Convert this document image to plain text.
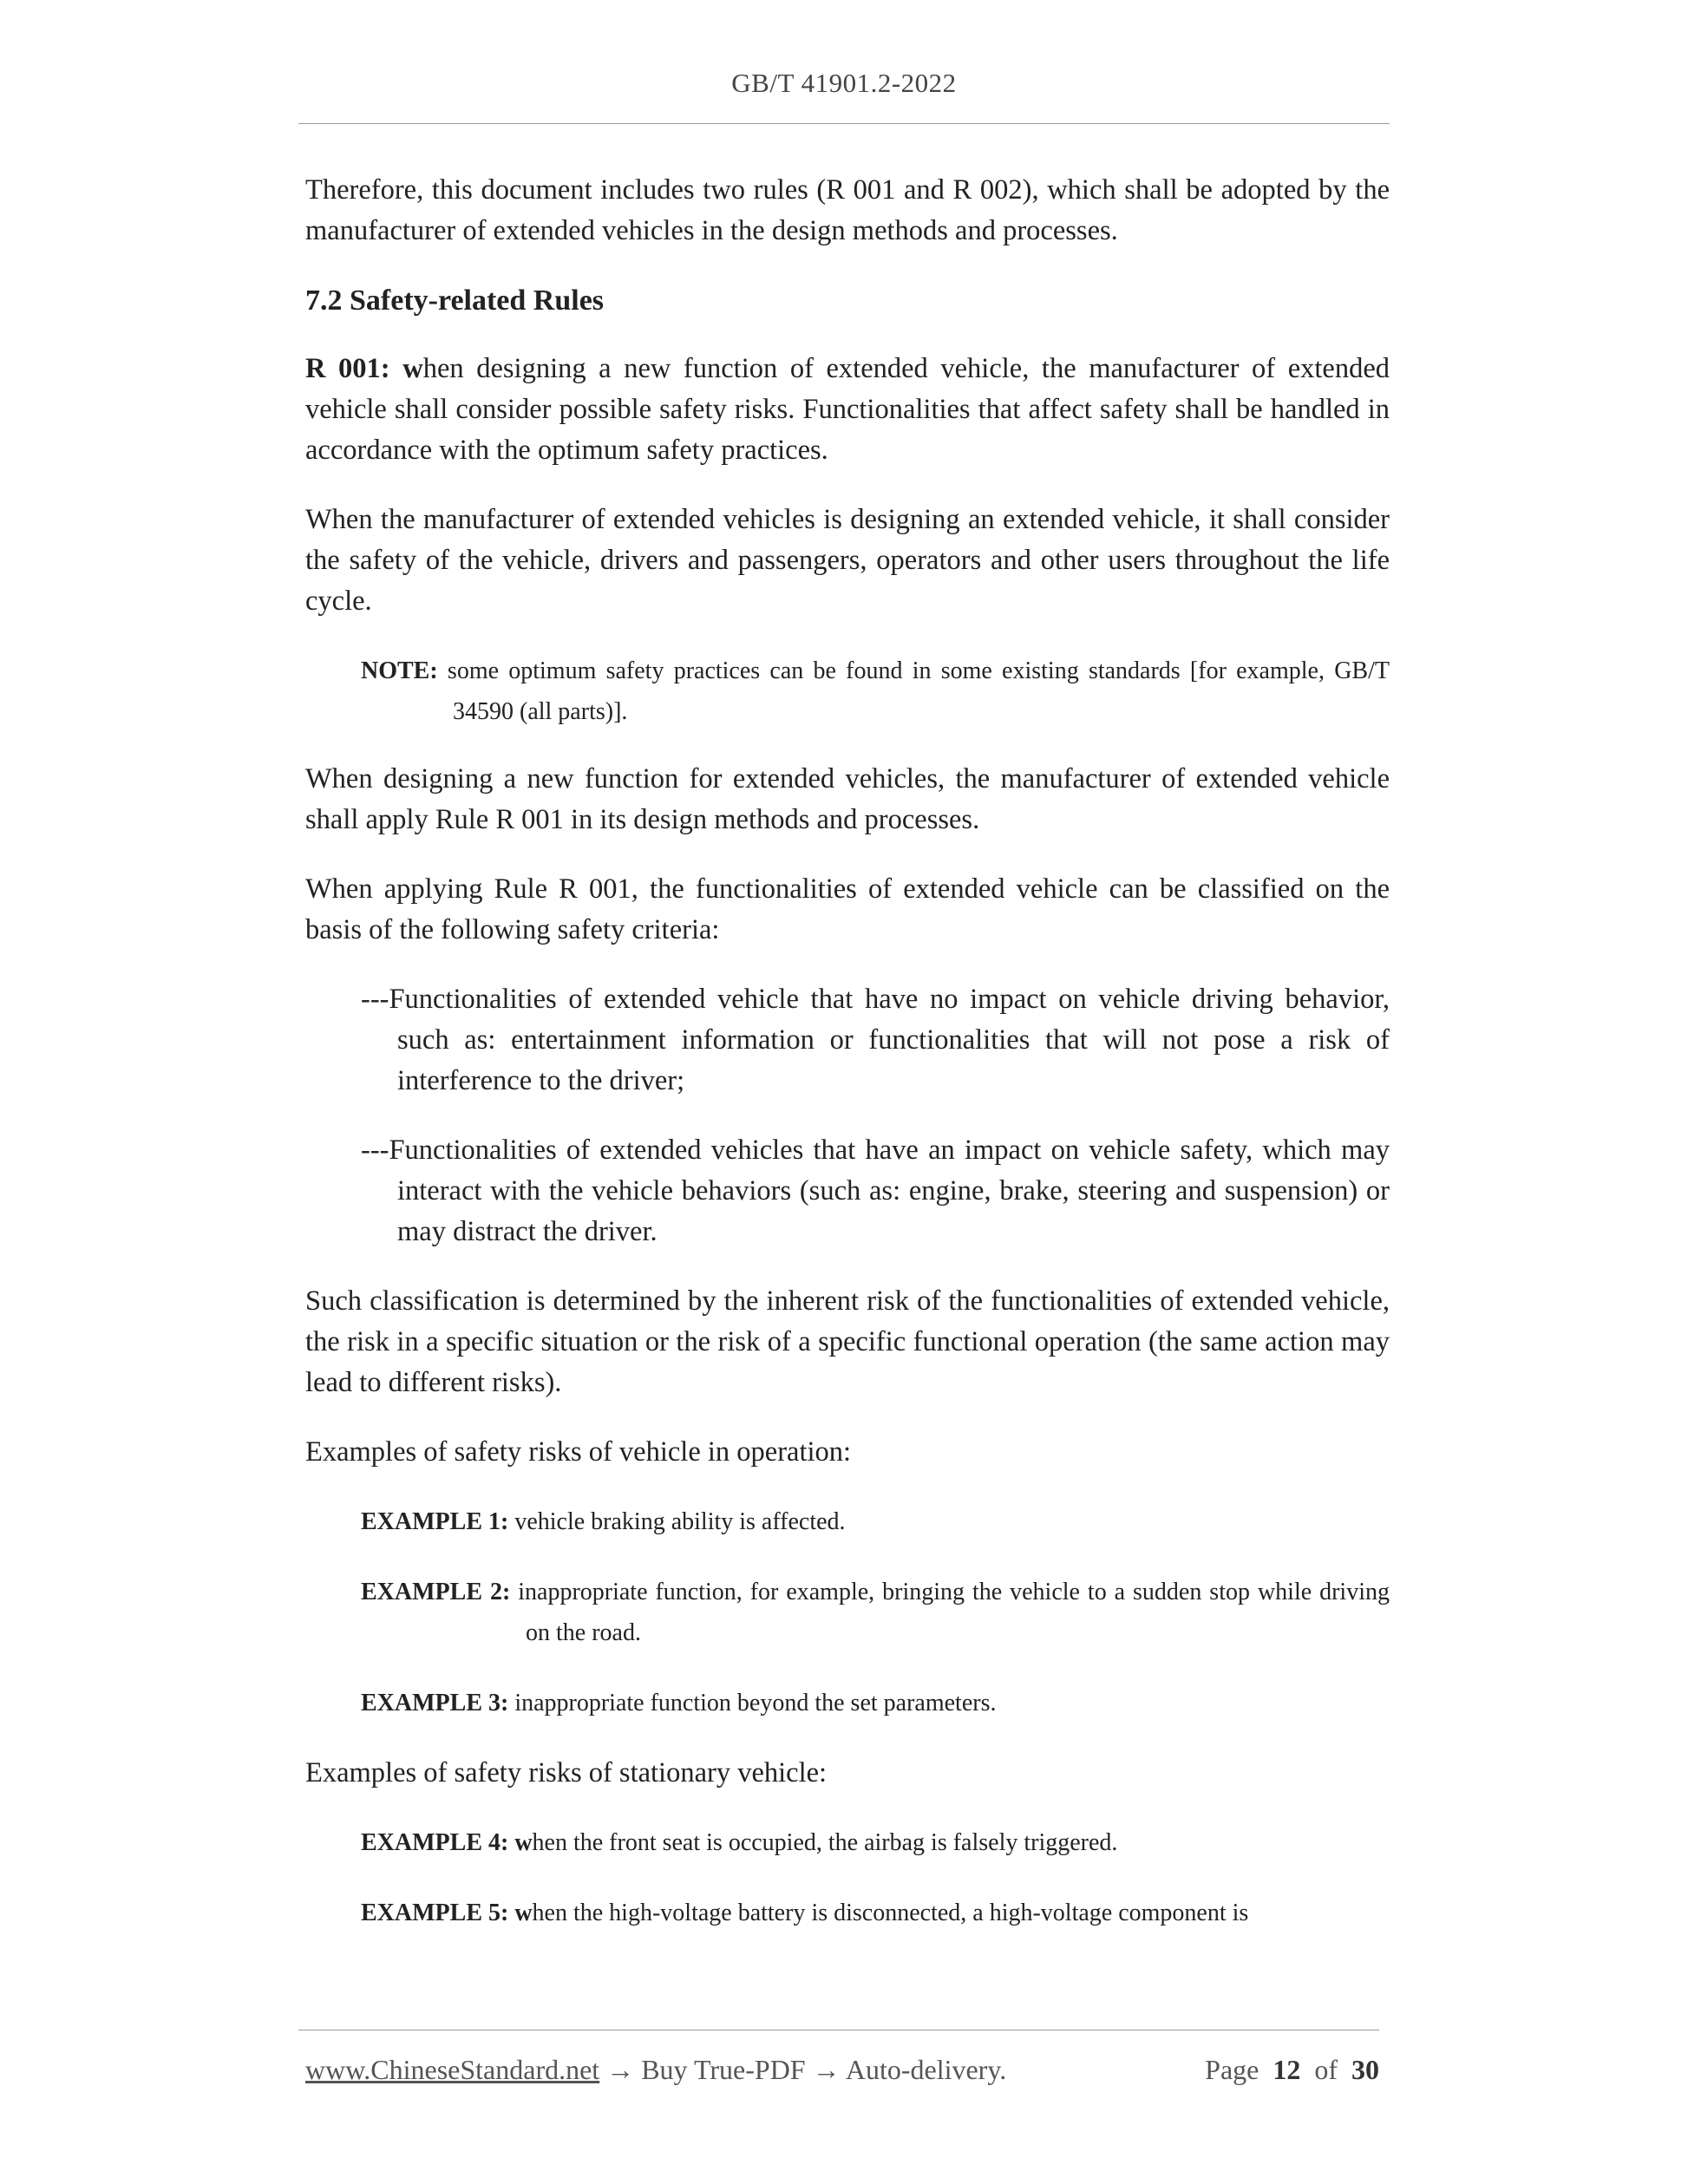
GB/T 41901.2-2022

Therefore, this document includes two rules (R 001 and R 002), which shall be adopted by the manufacturer of extended vehicles in the design methods and processes.

7.2 Safety-related Rules

R 001: when designing a new function of extended vehicle, the manufacturer of extended vehicle shall consider possible safety risks. Functionalities that affect safety shall be handled in accordance with the optimum safety practices.

When the manufacturer of extended vehicles is designing an extended vehicle, it shall consider the safety of the vehicle, drivers and passengers, operators and other users throughout the life cycle.

NOTE: some optimum safety practices can be found in some existing standards [for example, GB/T 34590 (all parts)].

When designing a new function for extended vehicles, the manufacturer of extended vehicle shall apply Rule R 001 in its design methods and processes.

When applying Rule R 001, the functionalities of extended vehicle can be classified on the basis of the following safety criteria:

---Functionalities of extended vehicle that have no impact on vehicle driving behavior, such as: entertainment information or functionalities that will not pose a risk of interference to the driver;

---Functionalities of extended vehicles that have an impact on vehicle safety, which may interact with the vehicle behaviors (such as: engine, brake, steering and suspension) or may distract the driver.

Such classification is determined by the inherent risk of the functionalities of extended vehicle, the risk in a specific situation or the risk of a specific functional operation (the same action may lead to different risks).

Examples of safety risks of vehicle in operation:

EXAMPLE 1: vehicle braking ability is affected.

EXAMPLE 2: inappropriate function, for example, bringing the vehicle to a sudden stop while driving on the road.

EXAMPLE 3: inappropriate function beyond the set parameters.

Examples of safety risks of stationary vehicle:

EXAMPLE 4: when the front seat is occupied, the airbag is falsely triggered.

EXAMPLE 5: when the high-voltage battery is disconnected, a high-voltage component is

www.ChineseStandard.net → Buy True-PDF → Auto-delivery.	Page 12 of 30
